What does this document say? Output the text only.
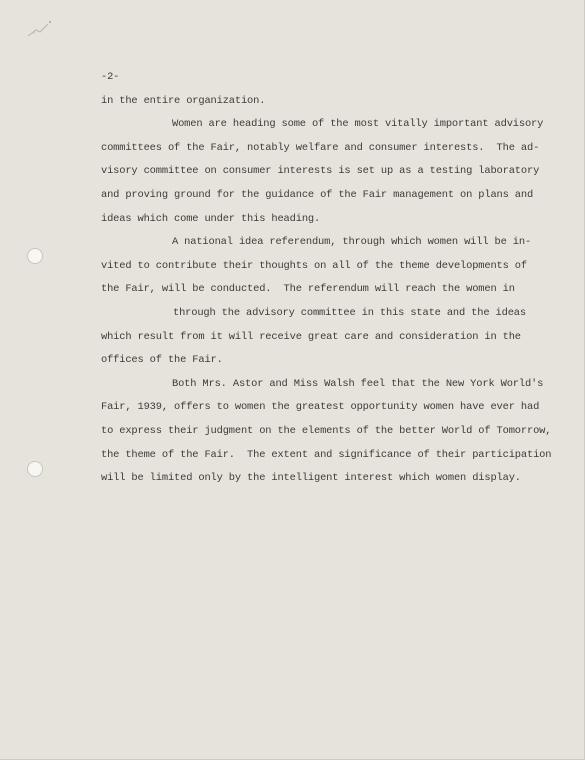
-2-
in the entire organization.
Women are heading some of the most vitally important advisory
committees of the Fair, notably welfare and consumer interests.  The ad-
visory committee on consumer interests is set up as a testing laboratory
and proving ground for the guidance of the Fair management on plans and
ideas which come under this heading.
A national idea referendum, through which women will be in-
vited to contribute their thoughts on all of the theme developments of
the Fair, will be conducted.  The referendum will reach the women in
through the advisory committee in this state and the ideas
which result from it will receive great care and consideration in the
offices of the Fair.
Both Mrs. Astor and Miss Walsh feel that the New York World's
Fair, 1939, offers to women the greatest opportunity women have ever had
to express their judgment on the elements of the better World of Tomorrow,
the theme of the Fair.  The extent and significance of their participation
will be limited only by the intelligent interest which women display.
